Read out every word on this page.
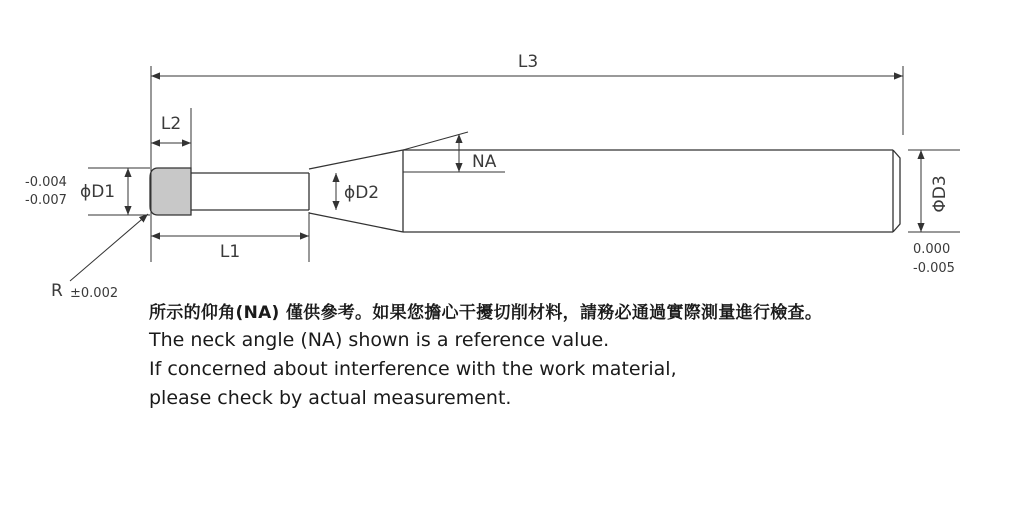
L3
L2
L1
ϕD1	ϕD2	ΦD3
NA
-0.004
-0.007
0.000
-0.005
R ±0.002
所示的仰角(NA) 僅供參考。如果您擔心干擾切削材料，請務必通過實際測量進行檢查。
The neck angle (NA) shown is a reference value.
If concerned about interference with the work material,
please check by actual measurement.
